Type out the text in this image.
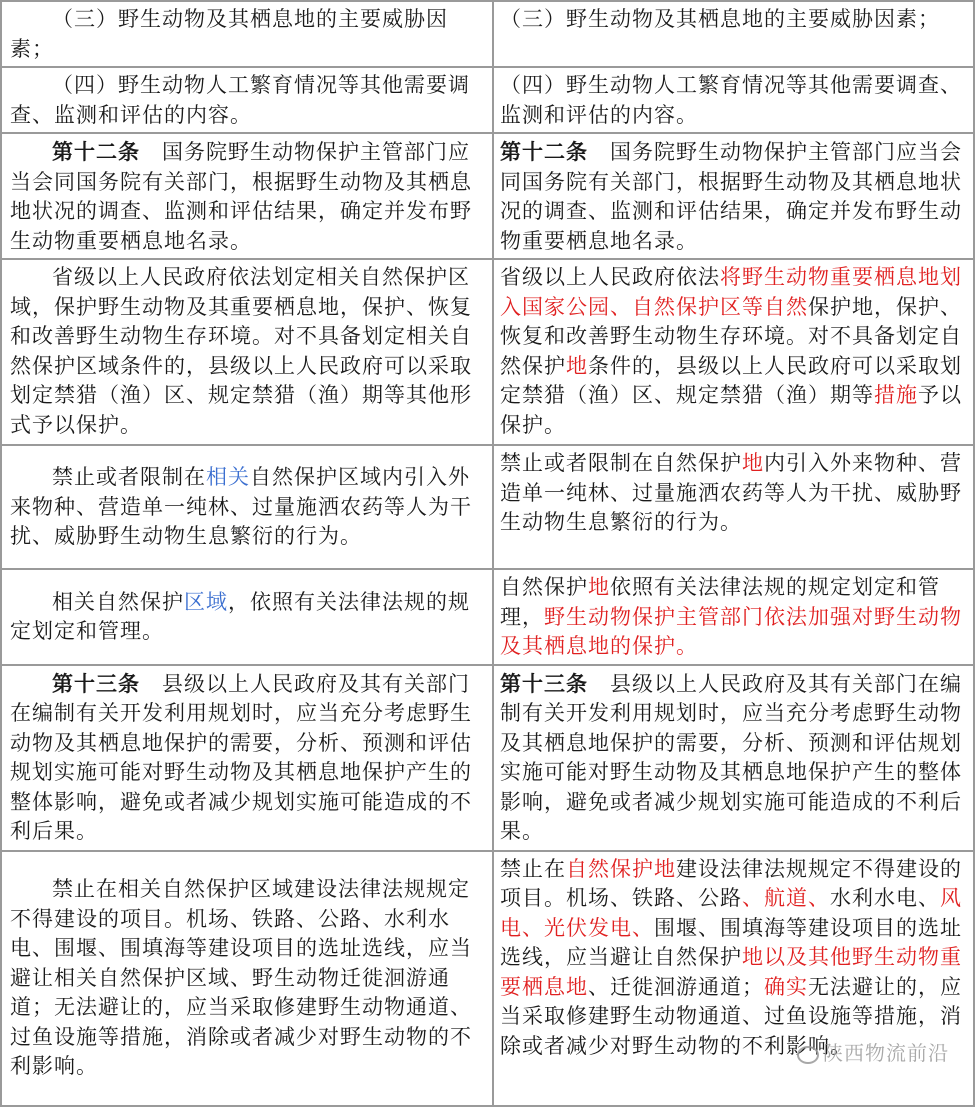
（三）野生动物及其栖息地的主要威胁因素；	（三）野生动物及其栖息地的主要威胁因素；
（四）野生动物人工繁育情况等其他需要调查、监测和评估的内容。	（四）野生动物人工繁育情况等其他需要调查、监测和评估的内容。
第十二条　国务院野生动物保护主管部门应当会同国务院有关部门，根据野生动物及其栖息地状况的调查、监测和评估结果，确定并发布野生动物重要栖息地名录。	第十二条　国务院野生动物保护主管部门应当会同国务院有关部门，根据野生动物及其栖息地状况的调查、监测和评估结果，确定并发布野生动物重要栖息地名录。
省级以上人民政府依法划定相关自然保护区域，保护野生动物及其重要栖息地，保护、恢复和改善野生动物生存环境。对不具备划定相关自然保护区域条件的，县级以上人民政府可以采取划定禁猎（渔）区、规定禁猎（渔）期等其他形式予以保护。	省级以上人民政府依法将野生动物重要栖息地划入国家公园、自然保护区等自然保护地，保护、恢复和改善野生动物生存环境。对不具备划定自然保护地条件的，县级以上人民政府可以采取划定禁猎（渔）区、规定禁猎（渔）期等措施予以保护。
禁止或者限制在相关自然保护区域内引入外来物种、营造单一纯林、过量施洒农药等人为干扰、威胁野生动物生息繁衍的行为。	禁止或者限制在自然保护地内引入外来物种、营造单一纯林、过量施洒农药等人为干扰、威胁野生动物生息繁衍的行为。
相关自然保护区域，依照有关法律法规的规定划定和管理。	自然保护地依照有关法律法规的规定划定和管理，野生动物保护主管部门依法加强对野生动物及其栖息地的保护。
第十三条　县级以上人民政府及其有关部门在编制有关开发利用规划时，应当充分考虑野生动物及其栖息地保护的需要，分析、预测和评估规划实施可能对野生动物及其栖息地保护产生的整体影响，避免或者减少规划实施可能造成的不利后果。	第十三条　县级以上人民政府及其有关部门在编制有关开发利用规划时，应当充分考虑野生动物及其栖息地保护的需要，分析、预测和评估规划实施可能对野生动物及其栖息地保护产生的整体影响，避免或者减少规划实施可能造成的不利后果。
禁止在相关自然保护区域建设法律法规规定不得建设的项目。机场、铁路、公路、水利水电、围堰、围填海等建设项目的选址选线，应当避让相关自然保护区域、野生动物迁徙洄游通道；无法避让的，应当采取修建野生动物通道、过鱼设施等措施，消除或者减少对野生动物的不利影响。	禁止在自然保护地建设法律法规规定不得建设的项目。机场、铁路、公路、航道、水利水电、风电、光伏发电、围堰、围填海等建设项目的选址选线，应当避让自然保护地以及其他野生动物重要栖息地、迁徙洄游通道；确实无法避让的，应当采取修建野生动物通道、过鱼设施等措施，消除或者减少对野生动物的不利影响。
陕西物流前沿
